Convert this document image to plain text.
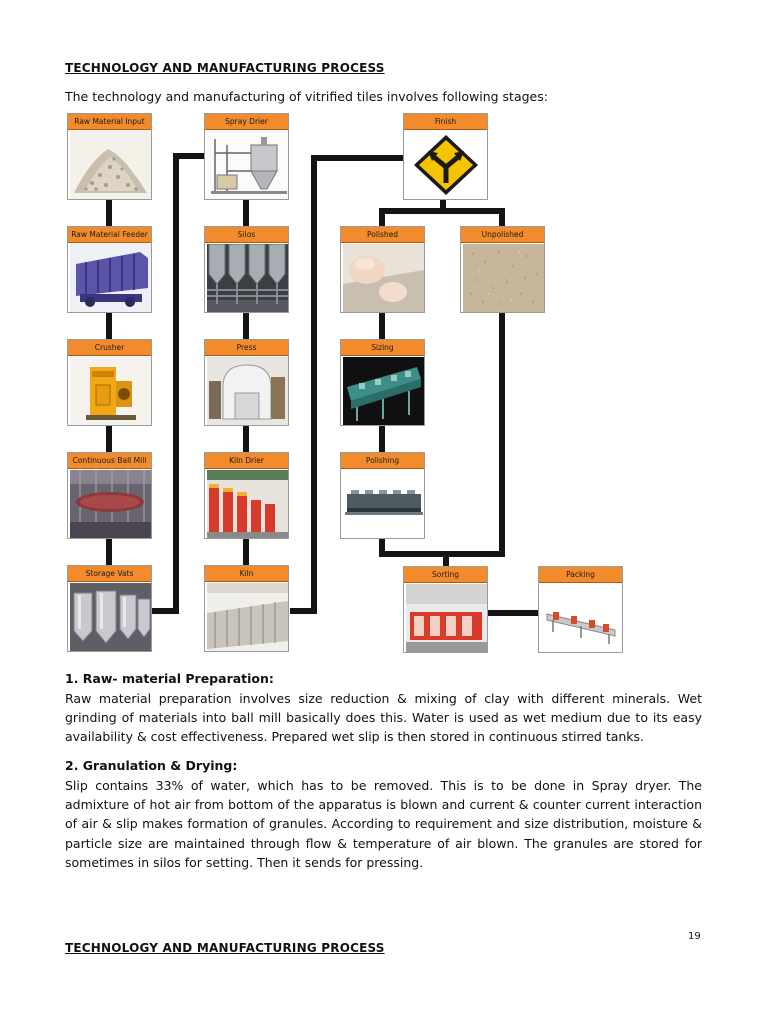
TECHNOLOGY AND MANUFACTURING PROCESS
The technology and manufacturing of vitrified tiles involves following stages:
Raw Material Input
Raw Material Feeder
Crusher
Continuous Ball Mill
Storage Vats
Spray Drier
Silos
Press
Kiln Drier
Kiln
Finish
Polished	Unpolished
Sizing
Polishing
Sorting	Packing
1. Raw- material Preparation:
Raw material preparation involves size reduction & mixing of clay with different minerals. Wet grinding of materials into ball mill basically does this. Water is used as wet medium due to its easy availability & cost effectiveness. Prepared wet slip is then stored in continuous stirred tanks.
2. Granulation & Drying:
Slip contains 33% of water, which has to be removed. This is to be done in Spray dryer. The admixture of hot air from bottom of the apparatus is blown and current & counter current interaction of air & slip makes formation of granules. According to requirement and size distribution, moisture & particle size are maintained through flow & temperature of air blown. The granules are stored for sometimes in silos for setting. Then it sends for pressing.
19
TECHNOLOGY AND MANUFACTURING PROCESS
